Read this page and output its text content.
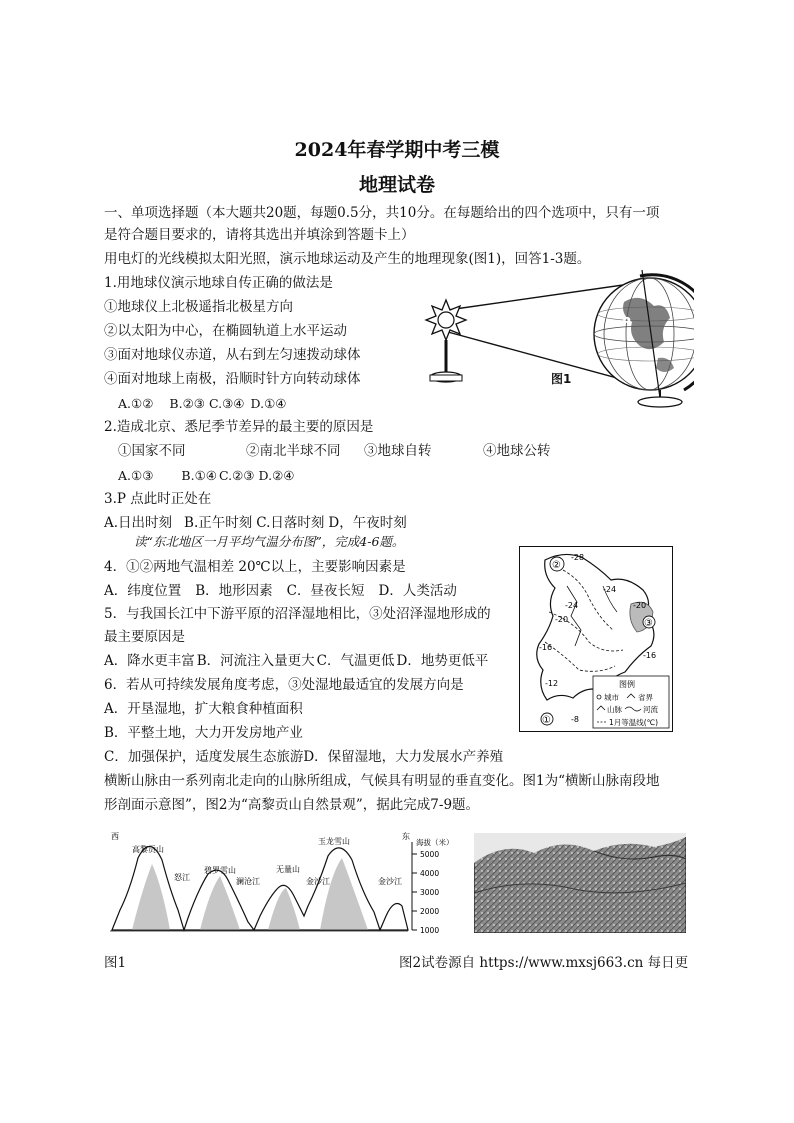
2024年春学期中考三模
地理试卷
一、单项选择题（本大题共20题，每题0.5分，共10分。在每题给出的四个选项中，只有一项
是符合题目要求的，请将其选出并填涂到答题卡上）
用电灯的光线模拟太阳光照，演示地球运动及产生的地理现象(图1)，回答1-3题。
1.用地球仪演示地球自传正确的做法是
①地球仪上北极遥指北极星方向
②以太阳为中心，在椭圆轨道上水平运动
③面对地球仪赤道，从右到左匀速拨动球体
④面对地球上南极，沿顺时针方向转动球体
A.①② B.②③ C.③④ D.①④
2.造成北京、悉尼季节差异的最主要的原因是
①国家不同	②南北半球不同 ③地球自转	④地球公转
A.①③ B.①④ C.②③ D.②④
3.P 点此时正处在
A.日出时刻 B.正午时刻 C.日落时刻 D，午夜时刻
读“东北地区一月平均气温分布图”，完成4-6题。
4．①②两地气温相差 20℃以上，主要影响因素是
A．纬度位置 B．地形因素 C．昼夜长短 D．人类活动
5．与我国长江中下游平原的沼泽湿地相比，③处沼泽湿地形成的
最主要原因是
A．降水更丰富 B．河流注入量更大 C．气温更低 D．地势更低平
6．若从可持续发展角度考虑，③处湿地最适宜的发展方向是
A．开垦湿地，扩大粮食种植面积
B．平整土地，大力开发房地产业
C．加强保护，适度发展生态旅游D．保留湿地，大力发展水产养殖
横断山脉由一系列南北走向的山脉所组成，气候具有明显的垂直变化。图1为“横断山脉南段地
形剖面示意图”，图2为“高黎贡山自然景观”，据此完成7-9题。
P
图1
②
③
①
-28
-24
-24	-20
-20
-16
-16
-12
-8
图例
城市	省界
山脉	河流
1月等温线(℃)
西	东
海拔（米）
5000
4000
3000
2000
1000
高黎贡山
碧罗雪山	无量山
玉龙雪山
怒江	澜沧江	金沙江	金沙江
图1	图2试卷源自 https://www.mxsj663.cn 每日更
